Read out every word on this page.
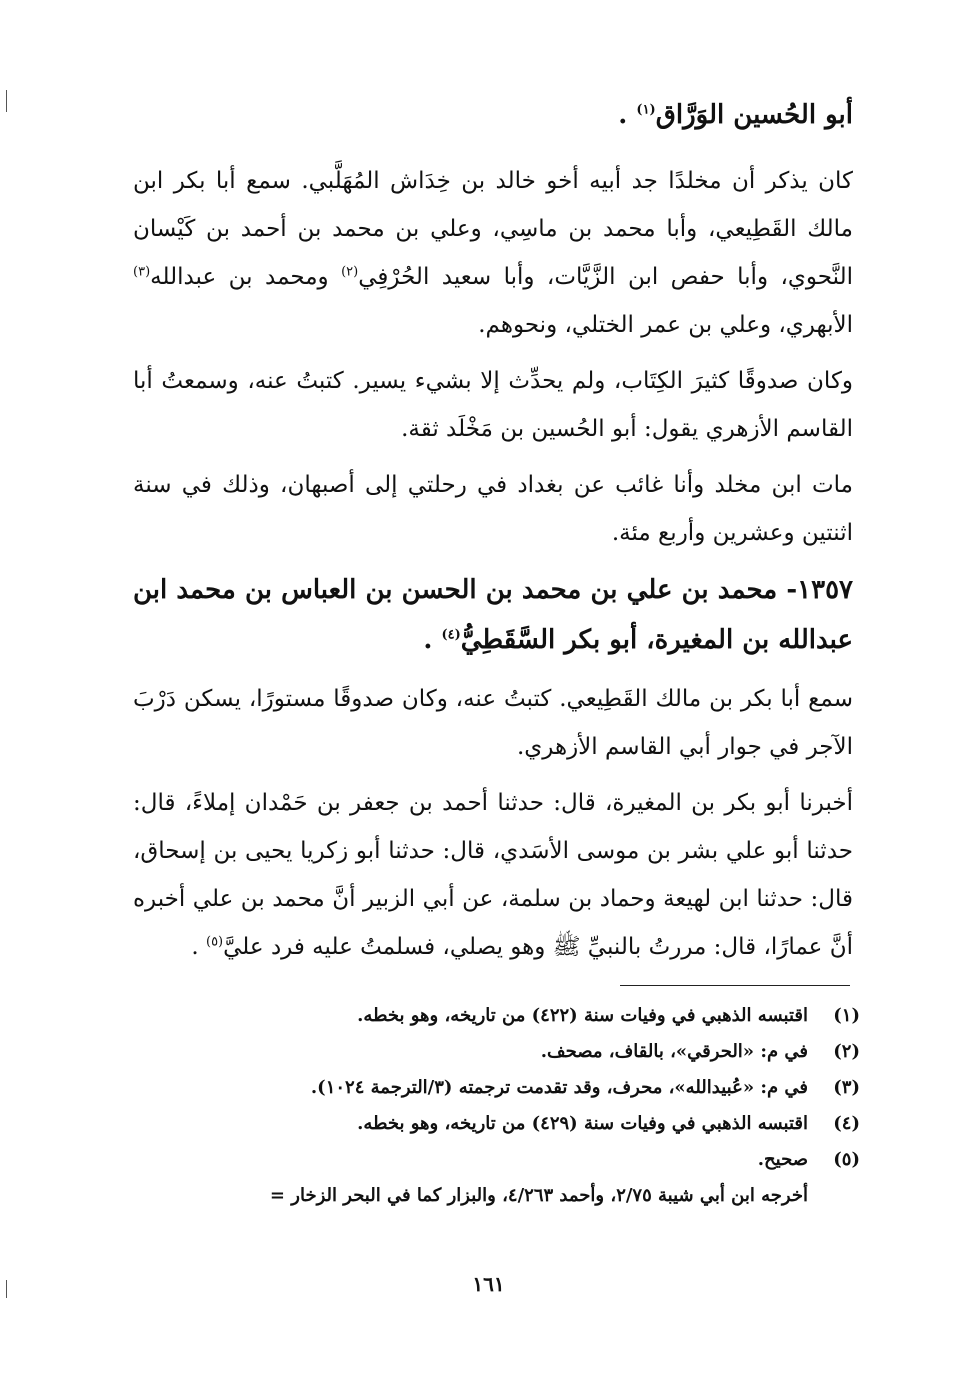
أبو الحُسين الوَرَّاق$^{(١)}$ .

كان يذكر أن مخلدًا جد أبيه أخو خالد بن خِدَاش المُهَلَّبي. سمع أبا بكر ابن مالك القَطِيعي، وأبا محمد بن ماسِي، وعلي بن محمد بن أحمد بن كَيْسان النَّحوي، وأبا حفص ابن الزَّيَّات، وأبا سعيد الحُرْفِي$^{(٢)}$ ومحمد بن عبدالله$^{(٣)}$ الأبهري، وعلي بن عمر الختلي، ونحوهم.

وكان صدوقًا كثيرَ الكِتَاب، ولم يحدِّث إلا بشيء يسير. كتبتُ عنه، وسمعتُ أبا القاسم الأزهري يقول: أبو الحُسين بن مَخْلَد ثقة.

مات ابن مخلد وأنا غائب عن بغداد في رحلتي إلى أصبهان، وذلك في سنة اثنتين وعشرين وأربع مئة.

١٣٥٧- محمد بن علي بن محمد بن الحسن بن العباس بن محمد ابن عبدالله بن المغيرة، أبو بكر السَّقَطِيُّ$^{(٤)}$ .

سمع أبا بكر بن مالك القَطِيعي. كتبتُ عنه، وكان صدوقًا مستورًا، يسكن دَرْبَ الآجر في جوار أبي القاسم الأزهري.

أخبرنا أبو بكر بن المغيرة، قال: حدثنا أحمد بن جعفر بن حَمْدان إملاءً، قال: حدثنا أبو علي بشر بن موسى الأسَدي، قال: حدثنا أبو زكريا يحيى بن إسحاق، قال: حدثنا ابن لهيعة وحماد بن سلمة، عن أبي الزبير أنَّ محمد بن علي أخبره أنَّ عمارًا، قال: مررتُ بالنبيِّ ﷺ وهو يصلي، فسلمتُ عليه فرد عليَّ$^{(٥)}$ .

(١)
اقتبسه الذهبي في وفيات سنة (٤٢٢) من تاريخه، وهو بخطه.
(٢)
في م: «الحرقي»، بالقاف، مصحف.
(٣)
في م: «عُبيدالله»، محرف، وقد تقدمت ترجمته (٣/الترجمة ١٠٢٤).
(٤)
اقتبسه الذهبي في وفيات سنة (٤٢٩) من تاريخه، وهو بخطه.
(٥)
صحيح.
أخرجه ابن أبي شيبة ٢/٧٥، وأحمد ٤/٢٦٣، والبزار كما في البحر الزخار =
١٦١
